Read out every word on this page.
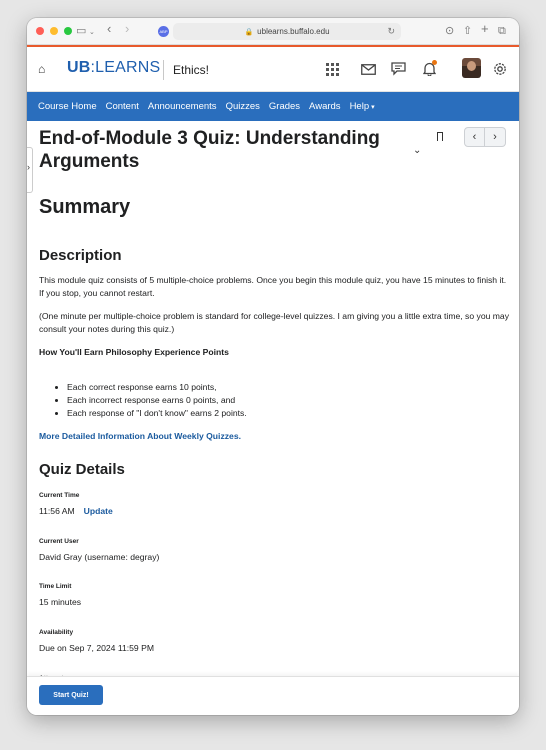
▭ ⌄ ‹ ›	ABP	🔒 ublearns.buffalo.edu	↻	⊙ ⇧ + ⧉
⌂ UB:LEARNS Ethics!
Course Home Content Announcements Quizzes Grades Awards Help ▾
›
End-of-Module 3 Quiz: Understanding Arguments
⌄
‹	›
Summary
Description

This module quiz consists of 5 multiple-choice problems. Once you begin this module quiz, you have 15 minutes to finish it. If you stop, you cannot restart.

(One minute per multiple-choice problem is standard for college-level quizzes. I am giving you a little extra time, so you may consult your notes during this quiz.)

How You'll Earn Philosophy Experience Points

• Each correct response earns 10 points,
• Each incorrect response earns 0 points, and
• Each response of "I don't know" earns 2 points.
More Detailed Information About Weekly Quizzes.
Quiz Details
Current Time
11:56 AM Update
Current User
David Gray (username: degray)
Time Limit
15 minutes
Availability
Due on Sep 7, 2024 11:59 PM
Start Quiz!
